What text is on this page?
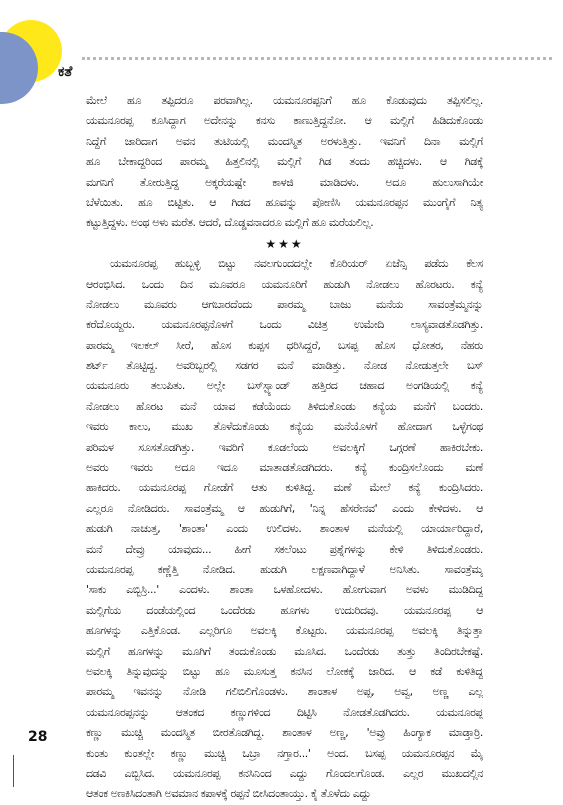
ಕತೆ
ಮೇಲೆ ಹೂ ತಪ್ಪಿದರೂ ಪರವಾಗಿಲ್ಲ. ಯಮನೂರಪ್ಪನಿಗೆ ಹೂ ಕೊಡುವುದು ತಪ್ಪಿಸಲಿಲ್ಲ.
ಯಮನೂರಪ್ಪ ಕೂಸಿದ್ದಾಗ ಅದೇನನ್ನು ಕನಸು ಕಾಣುತ್ತಿದ್ದನೋ. ಆ ಮಲ್ಲಿಗೆ ಹಿಡಿದುಕೊಂಡು
ನಿದ್ದೆಗೆ ಜಾರಿದಾಗ ಅವನ ತುಟಿಯಲ್ಲಿ ಮಂದಸ್ಮಿತ ಅರಳುತ್ತಿತ್ತು. ಇವನಿಗೆ ದಿನಾ ಮಲ್ಲಿಗೆ
ಹೂ ಬೇಕಾದ್ದರಿಂದ ಪಾರಮ್ಮ ಹಿತ್ತಲಿನಲ್ಲಿ ಮಲ್ಲಿಗೆ ಗಿಡ ತಂದು ಹಚ್ಚಿದಳು. ಆ ಗಿಡಕ್ಕೆ
ಮಗನಿಗೆ ತೋರುತ್ತಿದ್ದ ಅಕ್ಕರೆಯಷ್ಟೇ ಕಾಳಜಿ ಮಾಡಿದಳು. ಅದೂ ಹುಲುಸಾಗಿಯೇ
ಬೆಳೆಯಿತು. ಹೂ ಬಿಟ್ಟಿತು. ಆ ಗಿಡದ ಹೂವನ್ನು ಪೋಣಿಸಿ ಯಮನೂರಪ್ಪನ ಮುಂಗೈಗೆ ನಿತ್ಯ
ಕಟ್ಟುತ್ತಿದ್ದಳು. ಅಂಥ ಅಳು ಮರೆತ. ಆದರೆ, ದೊಡ್ಡವನಾದರೂ ಮಲ್ಲಿಗೆ ಹೂ ಮರೆಯಲಿಲ್ಲ.
★★★
ಯಮನೂರಪ್ಪ ಹುಬ್ಬಳ್ಳಿ ಬಿಟ್ಟು ನವಲಗುಂದದಲ್ಲೇ ಕೊರಿಯರ್ ಏಜೆನ್ಸಿ ಪಡೆದು ಕೆಲಸ
ಆರಂಭಿಸಿದ. ಒಂದು ದಿನ ಮೂವರೂ ಯಮನೂರಿಗೆ ಹುಡುಗಿ ನೋಡಲು ಹೊರಟರು. ಕನ್ಯೆ
ನೋಡಲು ಮೂವರು ಆಗಬಾರದೆಂದು ಪಾರಮ್ಮ ಬಾಜು ಮನೆಯ ಸಾವಂತ್ರೆಮ್ಮನನ್ನು
ಕರೆದೊಯ್ದರು. ಯಮನೂರಪ್ಪನೊಳಗೆ ಒಂದು ವಿಚಿತ್ರ ಉಮೇದಿ ಲಾಸ್ಯವಾಡತೊಡಗಿತ್ತು.
ಪಾರಮ್ಮ ಇಲಕಲ್ ಸೀರೆ, ಹೊಸ ಕುಪ್ಪಸ ಧರಿಸಿದ್ದರೆ, ಬಸಪ್ಪ ಹೊಸ ಧೋತರ, ನೆಹರು
ಶರ್ಟ್ ತೊಟ್ಟಿದ್ದ. ಅವರಿಬ್ಬರಲ್ಲಿ ಸಡಗರ ಮನೆ ಮಾಡಿತ್ತು. ನೋಡ ನೋಡುತ್ತಲೇ ಬಸ್
ಯಮನೂರು ತಲುಪಿತು. ಅಲ್ಲೇ ಬಸ್‌ಸ್ಟ್ಯಾಂಡ್ ಹತ್ತಿರದ ಚಹಾದ ಅಂಗಡಿಯಲ್ಲಿ ಕನ್ಯೆ
ನೋಡಲು ಹೊರಟ ಮನೆ ಯಾವ ಕಡೆಯೆಂದು ತಿಳಿದುಕೊಂಡು ಕನ್ಯೆಯ ಮನೆಗೆ ಬಂದರು.
ಇವರು ಕಾಲು, ಮುಖ ತೊಳೆದುಕೊಂಡು ಕನ್ಯೆಯ ಮನೆಯೊಳಗೆ ಹೋದಾಗ ಒಳ್ಳೆಗಂಥ
ಪರಿಮಳ ಸೂಸತೊಡಗಿತ್ತು. ಇವರಿಗೆ ಕೂಡಲೆಂದು ಅವಲಕ್ಕಿಗೆ ಒಗ್ಗರಣೆ ಹಾಕಿರಬೇಕು.
ಅವರು ಇವರು ಅದೂ ಇದೂ ಮಾತಾಡತೊಡಗಿದರು. ಕನ್ಯೆ ಕುಂದ್ರಿಸಲೊಂದು ಮಣೆ
ಹಾಕಿದರು. ಯಮನೂರಪ್ಪ ಗೋಡೆಗೆ ಆತು ಕುಳಿತಿದ್ದ. ಮಣೆ ಮೇಲೆ ಕನ್ಯೆ ಕುಂದ್ರಿಸಿದರು.
ಎಲ್ಲರೂ ನೋಡಿದರು. ಸಾವಂತ್ರೆಮ್ಮ ಆ ಹುಡುಗಿಗೆ, 'ನಿನ್ನ ಹೆಸರೇನವ' ಎಂದು ಕೇಳಿದಳು. ಆ
ಹುಡುಗಿ ನಾಚುತ್ತ, 'ಶಾಂತಾ' ಎಂದು ಉಲಿದಳು. ಶಾಂತಾಳ ಮನೆಯಲ್ಲಿ ಯಾರ್ಯಾರಿದ್ದಾರೆ,
ಮನೆ ದೇವ್ರು ಯಾವುದು... ಹೀಗೆ ಸಕಲೆಂಟು ಪ್ರಶ್ನೆಗಳನ್ನು ಕೇಳಿ ತಿಳಿದುಕೊಂಡರು.
ಯಮನೂರಪ್ಪ ಕಣ್ಣೆತ್ತಿ ನೋಡಿದ. ಹುಡುಗಿ ಲಕ್ಷಣವಾಗಿದ್ದಾಳೆ ಅನಿಸಿತು. ಸಾವಂತ್ರೆಮ್ಮ
'ಸಾಕು ಎಬ್ಬಿಸ್ರಿ...' ಎಂದಳು. ಶಾಂತಾ ಒಳಹೋದಳು. ಹೋಗುವಾಗ ಅವಳು ಮುಡಿದಿದ್ದ
ಮಲ್ಲಿಗೆಯ ದಂಡೆಯಲ್ಲಿಂದ ಒಂದೆರಡು ಹೂಗಳು ಉದುರಿದವು. ಯಮನೂರಪ್ಪ ಆ
ಹೂಗಳನ್ನು ಎತ್ತಿಕೊಂಡ. ಎಲ್ಲರಿಗೂ ಅವಲಕ್ಕಿ ಕೊಟ್ಟರು. ಯಮನೂರಪ್ಪ ಅವಲಕ್ಕಿ ತಿನ್ನುತ್ತಾ
ಮಲ್ಲಿಗೆ ಹೂಗಳನ್ನು ಮೂಗಿಗೆ ತಂದುಕೊಂಡು ಮೂಸಿದ. ಒಂದೆರಡು ತುತ್ತು ತಿಂದಿರಬೇಕಷ್ಟೆ.
ಅವಲಕ್ಕಿ ತಿನ್ನುವುದನ್ನು ಬಿಟ್ಟು ಹೂ ಮೂಸುತ್ತ ಕನಸಿನ ಲೋಕಕ್ಕೆ ಜಾರಿದ. ಆ ಕಡೆ ಕುಳಿತಿದ್ದ
ಪಾರಮ್ಮ ಇವನನ್ನು ನೋಡಿ ಗಲಿಬಿಲಿಗೊಂಡಳು. ಶಾಂತಾಳ ಅಪ್ಪ, ಅವ್ವ, ಅಣ್ಣ ಎಲ್ಲ
ಯಮನೂರಪ್ಪನನ್ನು ಆತಂಕದ ಕಣ್ಣುಗಳಿಂದ ದಿಟ್ಟಿಸಿ ನೋಡತೊಡಗಿದರು. ಯಮನೂರಪ್ಪ
ಕಣ್ಣು ಮುಚ್ಚಿ ಮಂದಸ್ಮಿತ ಬೀರತೊಡಗಿದ್ದ. ಶಾಂತಾಳ ಅಣ್ಣ, 'ಅವ್ರು ಹಿಂಗ್ಯಾಕ ಮಾಡ್ತಾರ್ರಿ.
ಕುಂತು ಕುಂತಲ್ಲೇ ಕಣ್ಣು ಮುಚ್ಚಿ ಒಬ್ರಾ ನಗ್ತಾರ...' ಅಂದ. ಬಸಪ್ಪ ಯಮನೂರಪ್ಪನ ಮೈ
ದಡವಿ ಎಬ್ಬಿಸಿದ. ಯಮನೂರಪ್ಪ ಕನಸಿನಿಂದ ಎದ್ದು ಗೊಂದಲಗೊಂಡ. ಎಲ್ಲರ ಮುಖದಲ್ಲಿನ
ಆತಂಕ ಅಣಕಿಸಿದಂತಾಗಿ ಅವಮಾನ ಕಪಾಳಕ್ಕೆ ರಪ್ಪನೆ ಬೀಸಿದಂತಾಯ್ತು. ಕೈ ತೊಳೆದು ಎದ್ದು
28
